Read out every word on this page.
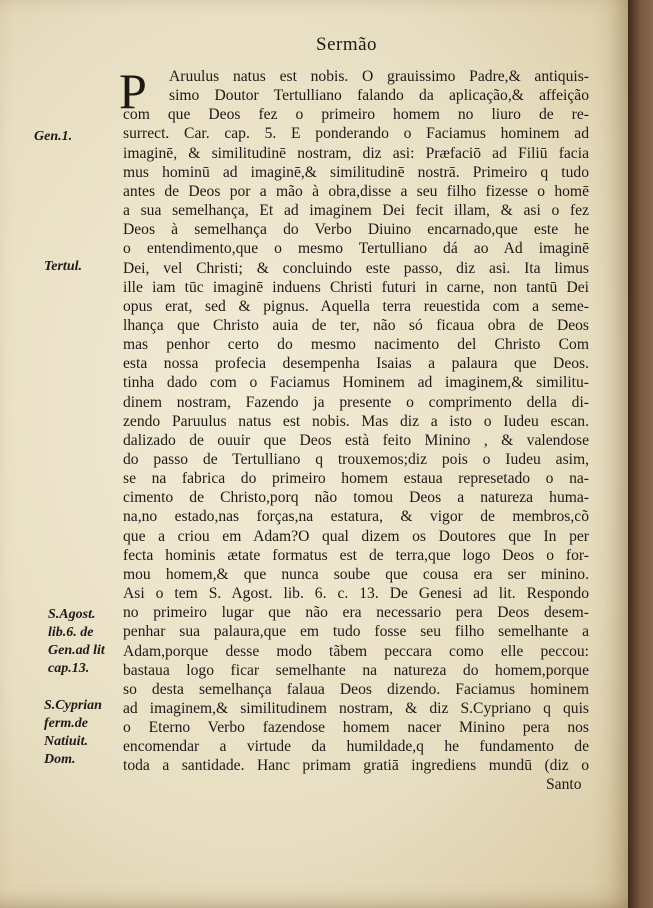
Sermão
P Aruulus natus est nobis. O grauissimo Padre,& antiquis-
simo Doutor Tertulliano falando da aplicação,& affeição
com que Deos fez o primeiro homem no liuro de re-
surrect. Car. cap. 5. E ponderando o Faciamus hominem ad
imaginē, & similitudinē nostram, diz asi: Præfaciō ad Filiū facia
mus hominū ad imaginē,& similitudinē nostrā. Primeiro q tudo
antes de Deos por a mão à obra,disse a seu filho fizesse o homē
a sua semelhança, Et ad imaginem Dei fecit illam, & asi o fez
Deos à semelhança do Verbo Diuino encarnado,que este he
o entendimento,que o mesmo Tertulliano dá ao Ad imaginē
Dei, vel Christi; & concluindo este passo, diz asi. Ita limus
ille iam tūc imaginē induens Christi futuri in carne, non tantū Dei
opus erat, sed & pignus. Aquella terra reuestida com a seme-
lhança que Christo auia de ter, não só ficaua obra de Deos
mas penhor certo do mesmo nacimento del Christo Com
esta nossa profecia desempenha Isaias a palaura que Deos.
tinha dado com o Faciamus Hominem ad imaginem,& similitu-
dinem nostram, Fazendo ja presente o comprimento della di-
zendo Paruulus natus est nobis. Mas diz a isto o Iudeu escan.
dalizado de ouuir que Deos està feito Minino , & valendose
do passo de Tertulliano q trouxemos;diz pois o Iudeu asim,
se na fabrica do primeiro homem estaua represetado o na-
cimento de Christo,porq não tomou Deos a natureza huma-
na,no estado,nas forças,na estatura, & vigor de membros,cõ
que a criou em Adam?O qual dizem os Doutores que In per
fecta hominis ætate formatus est de terra,que logo Deos o for-
mou homem,& que nunca soube que cousa era ser minino.
Asi o tem S. Agost. lib. 6. c. 13. De Genesi ad lit. Respondo
no primeiro lugar que não era necessario pera Deos desem-
penhar sua palaura,que em tudo fosse seu filho semelhante a
Adam,porque desse modo tãbem peccara como elle peccou:
bastaua logo ficar semelhante na natureza do homem,porque
so desta semelhança falaua Deos dizendo. Faciamus hominem
ad imaginem,& similitudinem nostram, & diz S.Cypriano q quis
o Eterno Verbo fazendose homem nacer Minino pera nos
encomendar a virtude da humildade,q he fundamento de
toda a santidade. Hanc primam gratiā ingrediens mundū (diz o
Santo
Gen.1.
Tertul.
S.Agost.
lib.6. de
Gen.ad lit
cap.13.
S.Cyprian
ferm.de
Natiuit.
Dom.
